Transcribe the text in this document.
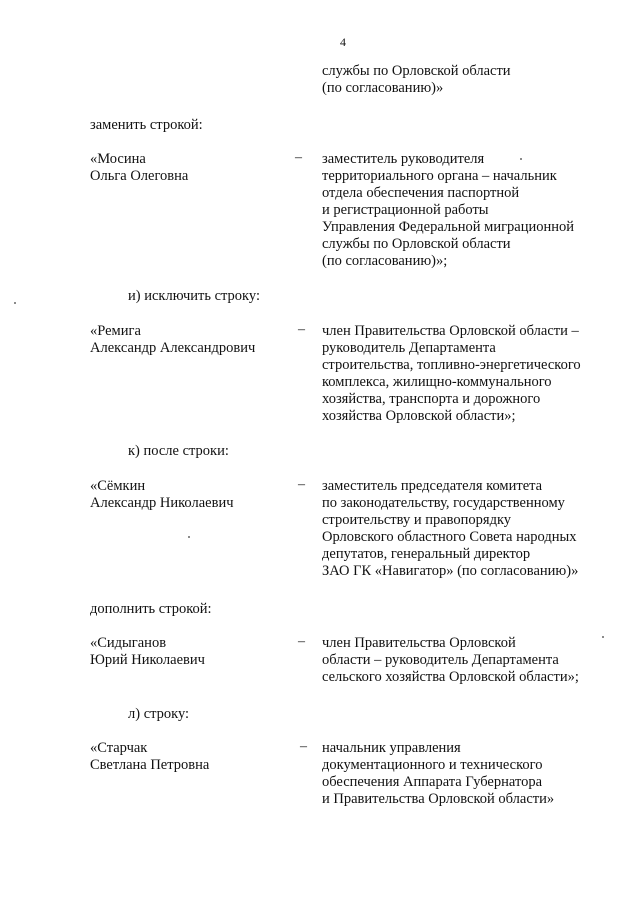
4
службы по Орловской области
(по согласованию)»
заменить строкой:
«Мосина
Ольга Олеговна
– заместитель руководителя
территориального органа – начальник
отдела обеспечения паспортной
и регистрационной работы
Управления Федеральной миграционной
службы по Орловской области
(по согласованию)»;
и) исключить строку:
«Ремига
Александр Александрович
– член Правительства Орловской области –
руководитель Департамента
строительства, топливно-энергетического
комплекса, жилищно-коммунального
хозяйства, транспорта и дорожного
хозяйства Орловской области»;
к) после строки:
«Сёмкин
Александр Николаевич
– заместитель председателя комитета
по законодательству, государственному
строительству и правопорядку
Орловского областного Совета народных
депутатов, генеральный директор
ЗАО ГК «Навигатор» (по согласованию)»
дополнить строкой:
«Сидыганов
Юрий Николаевич
– член Правительства Орловской
области – руководитель Департамента
сельского хозяйства Орловской области»;
л) строку:
«Старчак
Светлана Петровна
– начальник управления
документационного и технического
обеспечения Аппарата Губернатора
и Правительства Орловской области»
